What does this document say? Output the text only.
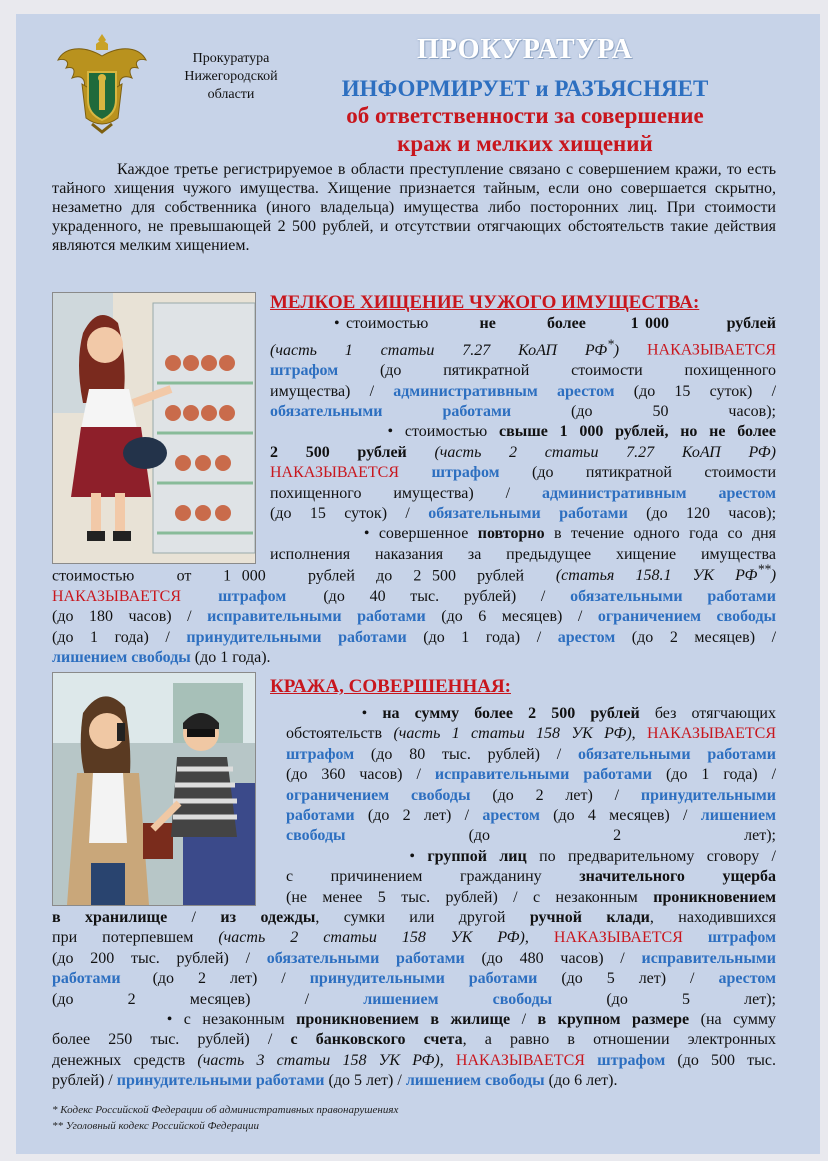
Прокуратура
Нижегородской
области
ПРОКУРАТУРА
ИНФОРМИРУЕТ и РАЗЪЯСНЯЕТ
об ответственности за совершение
краж и мелких хищений
Каждое третье регистрируемое в области преступление связано с совершением кражи, то есть тайного хищения чужого имущества. Хищение признается тайным, если оно совершается скрытно, незаметно для собственника (иного владельца) имущества либо посторонних лиц. При стоимости украденного, не превышающей 2 500 рублей, и отсутствии отягчающих обстоятельств такие действия являются мелким хищением.
МЕЛКОЕ ХИЩЕНИЕ ЧУЖОГО ИМУЩЕСТВА:
• стоимостью        не        более       1 000         рублей
(часть 1 статьи 7.27 КоАП РФ*) НАКАЗЫВАЕТСЯ
штрафом (до пятикратной стоимости похищенного
имущества) / административным арестом (до 15 суток) /
обязательными работами (до 50 часов);
• стоимостью свыше 1 000 рублей, но не более
2 500 рублей (часть 2 статьи 7.27 КоАП РФ)
НАКАЗЫВАЕТСЯ штрафом (до пятикратной стоимости
похищенного имущества) / административным арестом
(до 15 суток) / обязательными работами (до 120 часов);
• совершенное повторно в течение одного года со дня
исполнения наказания за предыдущее хищение имущества
стоимостью    от   1 000    рублей  до  2 500  рублей   (статья  158.1  УК  РФ**)
НАКАЗЫВАЕТСЯ штрафом   (до  40  тыс.  рублей)  /  обязательными  работами
(до 180 часов) / исправительными работами (до 6 месяцев) / ограничением свободы
(до 1 года) / принудительными работами (до 1 года) / арестом (до 2 месяцев) /
лишением свободы (до 1 года).
КРАЖА, СОВЕРШЕННАЯ:
• на сумму более 2 500 рублей без отягчающих
обстоятельств (часть 1 статьи 158 УК РФ), НАКАЗЫВАЕТСЯ
штрафом (до 80 тыс. рублей) / обязательными работами
(до 360 часов) / исправительными работами (до 1 года) /
ограничением  свободы  (до  2  лет)  /  принудительными
работами (до 2 лет) / арестом (до 4 месяцев) / лишением
свободы (до 2 лет);
• группой лиц по предварительному сговору /
с причинением гражданину значительного ущерба
(не менее 5 тыс. рублей) / с незаконным проникновением
в хранилище / из одежды, сумки или другой ручной клади, находившихся
при потерпевшем (часть 2 статьи 158 УК РФ), НАКАЗЫВАЕТСЯ штрафом
(до 200 тыс. рублей) / обязательными работами (до 480 часов) / исправительными
работами    (до   2   лет)   /   принудительными   работами   (до   5   лет)   /   арестом
(до 2 месяцев) / лишением свободы (до 5 лет);
• с незаконным проникновением в жилище / в крупном размере (на сумму
более 250 тыс. рублей) / с банковского счета, а равно в отношении электронных
денежных средств (часть 3 статьи 158 УК РФ), НАКАЗЫВАЕТСЯ штрафом (до 500 тыс.
рублей) / принудительными работами (до 5 лет) / лишением свободы (до 6 лет).
* Кодекс Российской Федерации об административных правонарушениях
** Уголовный кодекс Российской Федерации
